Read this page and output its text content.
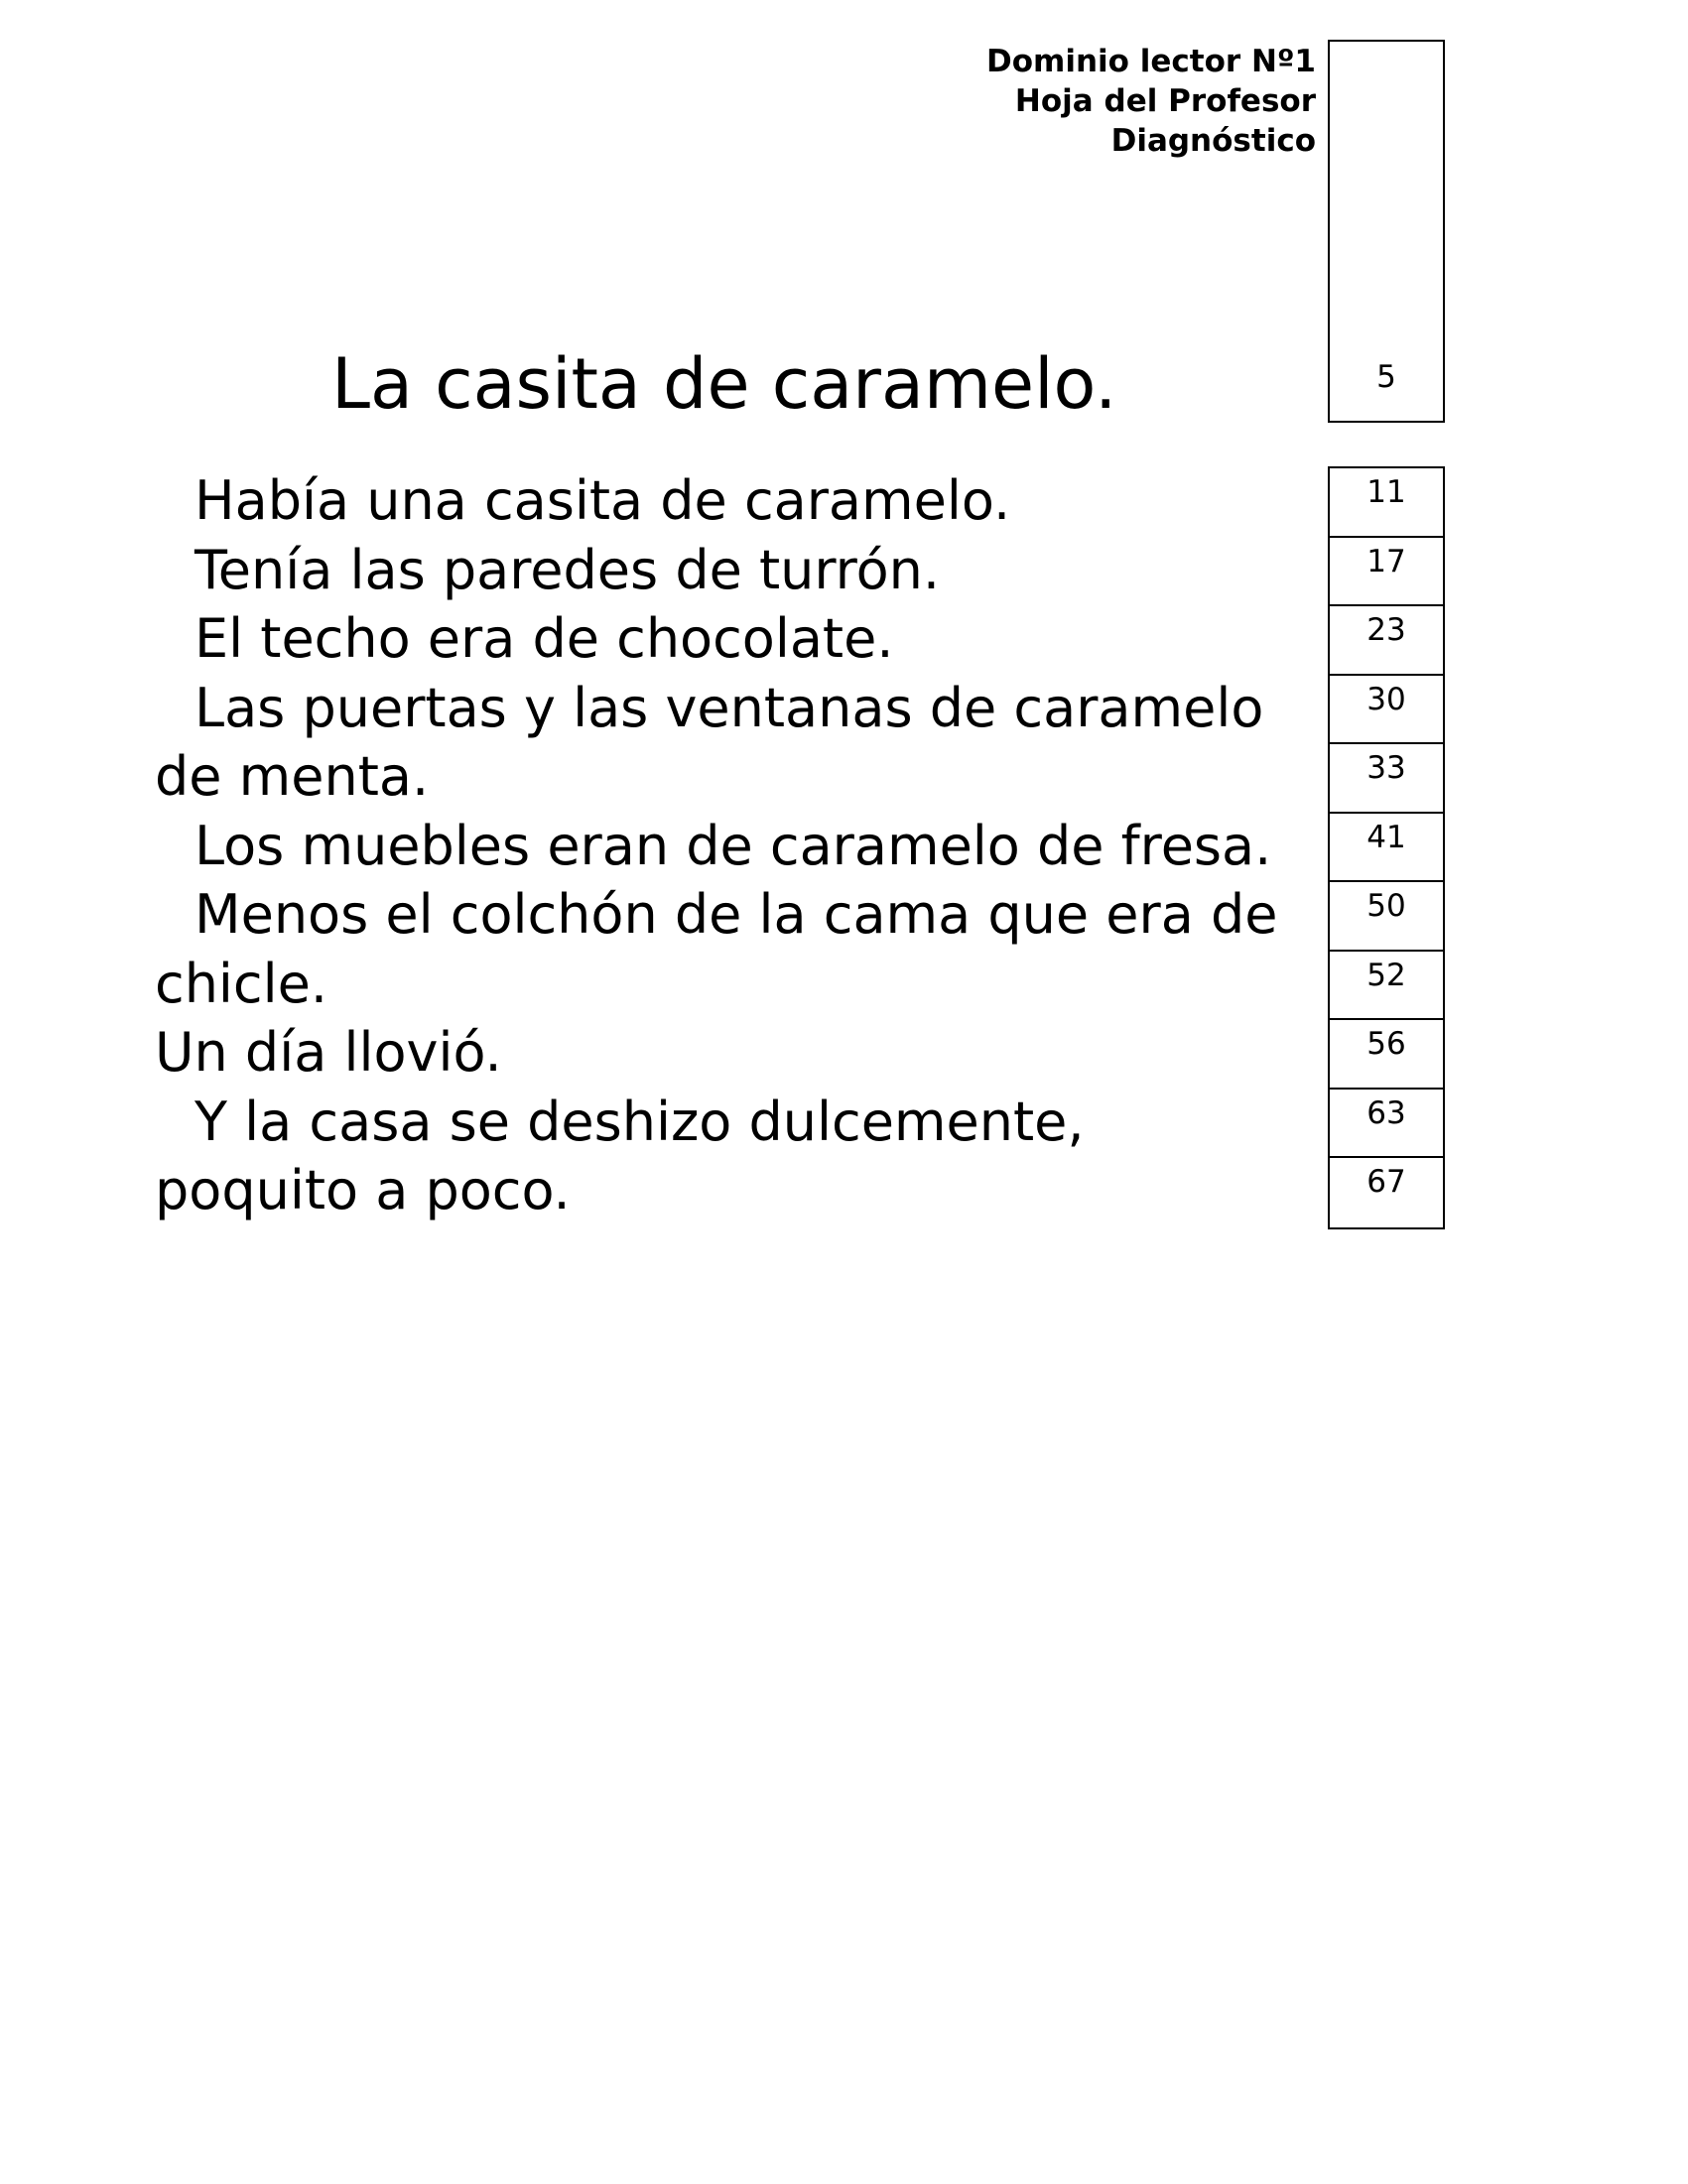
Dominio lector Nº1
Hoja del Profesor
Diagnóstico
5
La casita de caramelo.
Había una casita de caramelo.
Tenía las paredes de turrón.
El techo era de chocolate.
Las puertas y las ventanas de caramelo
de menta.
Los muebles eran de caramelo de fresa.
Menos el colchón de la cama que era de
chicle.
Un día llovió.
Y la casa se deshizo dulcemente,
poquito a poco.
11
17
23
30
33
41
50
52
56
63
67
